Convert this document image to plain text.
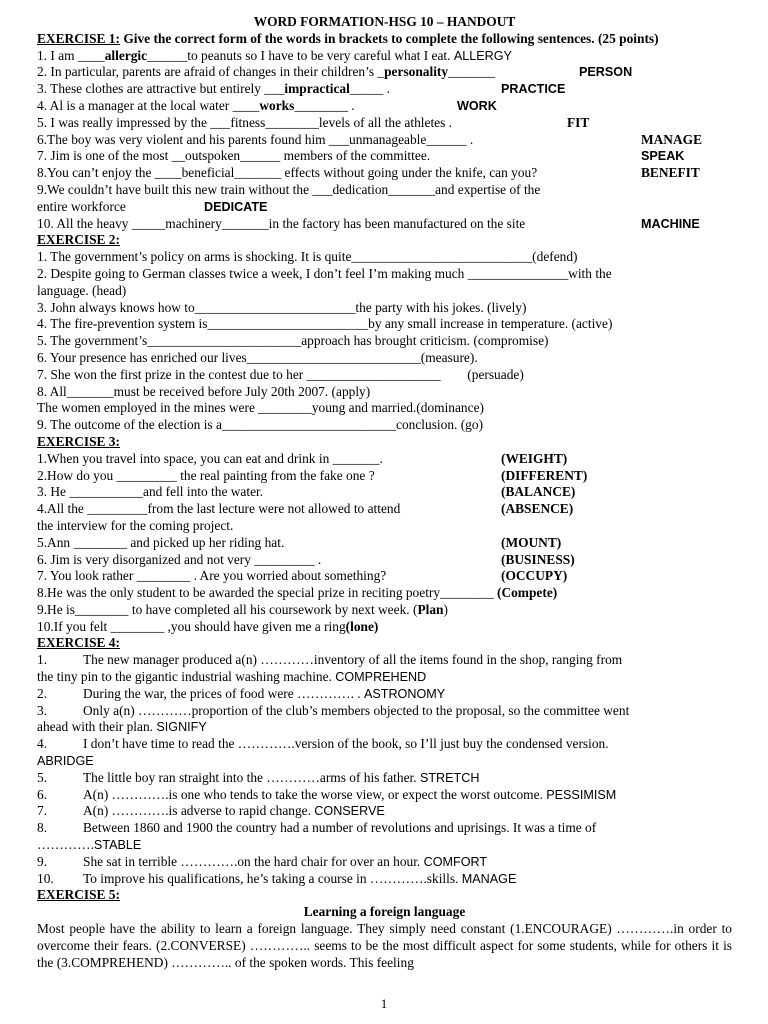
WORD FORMATION-HSG 10 – HANDOUT

EXERCISE 1: Give the correct form of the words in brackets to complete the following sentences. (25 points)

1. I am ____allergic______to peanuts so I have to be very careful what I eat. ALLERGY

2. In particular, parents are afraid of changes in their children’s _personality_______	PERSON

3. These clothes are attractive but entirely ___impractical_____ .	PRACTICE

4. Al is a manager at the local water ____works________ .	WORK

5. I was really impressed by the ___fitness________levels of all the athletes .	FIT

6.The boy was very violent and his parents found him ___unmanageable______ .	MANAGE

7. Jim is one of the most __outspoken______ members of the committee.	SPEAK

8.You can’t enjoy the ____beneficial_______ effects without going under the knife, can you?	BENEFIT

9.We couldn’t have built this new train without the ___dedication_______and expertise of the

entire workforce	DEDICATE

10. All the heavy _____machinery_______in the factory has been manufactured on the site	MACHINE

EXERCISE 2:

1. The government’s policy on arms is shocking. It is quite___________________________(defend)

2. Despite going to German classes twice a week, I don’t feel I’m making much _______________with the

language. (head)

3. John always knows how to________________________the party with his jokes. (lively)

4. The fire-prevention system is________________________by any small increase in temperature. (active)

5. The government’s_______________________approach has brought criticism. (compromise)

6. Your presence has enriched our lives__________________________(measure).

7. She won the first prize in the contest due to her ____________________        (persuade)

8. All_______must be received before July 20th 2007. (apply)

The women employed in the mines were ________young and married.(dominance)

9. The outcome of the election is a__________________________conclusion. (go)

EXERCISE 3:

1.When you travel into space, you can eat and drink in _______.	(WEIGHT)

2.How do you _________ the real painting from the fake one ?	(DIFFERENT)

3. He ___________and fell into the water.	(BALANCE)

4.All the _________from the last lecture were not allowed to attend	(ABSENCE)

the interview for the coming project.

5.Ann ________ and picked up her riding hat.	(MOUNT)

6. Jim is very disorganized and not very _________ .	(BUSINESS)

7. You look rather ________ . Are you worried about something?	(OCCUPY)

8.He was the only student to be awarded the special prize in reciting poetry________ (Compete)

9.He is________ to have completed all his coursework by next week. (Plan)

10.If you felt ________ ,you should have given me a ring(lone)

EXERCISE 4:

1.	The new manager produced a(n) …………inventory of all the items found in the shop, ranging from

the tiny pin to the gigantic industrial washing machine. COMPREHEND

2.	During the war, the prices of food were …………. . ASTRONOMY

3.	Only a(n) …………proportion of the club’s members objected to the proposal, so the committee went

ahead with their plan. SIGNIFY

4.	I don’t have time to read the ………….version of the book, so I’ll just buy the condensed version.

ABRIDGE

5.	The little boy ran straight into the …………arms of his father. STRETCH

6.	A(n) ………….is one who tends to take the worse view, or expect the worst outcome. PESSIMISM

7.	A(n) ………….is adverse to rapid change. CONSERVE

8.	Between 1860 and 1900 the country had a number of revolutions and uprisings. It was a time of

………….STABLE

9.	She sat in terrible ………….on the hard chair for over an hour. COMFORT

10. To improve his qualifications, he’s taking a course in ………….skills. MANAGE

EXERCISE 5:

Learning a foreign language

Most people have the ability to learn a foreign language. They simply need constant (1.ENCOURAGE) ………….in order to overcome their fears. (2.CONVERSE) ………….. seems to be the most difficult aspect for some students, while for others it is the (3.COMPREHEND) ………….. of the spoken words. This feeling

1
